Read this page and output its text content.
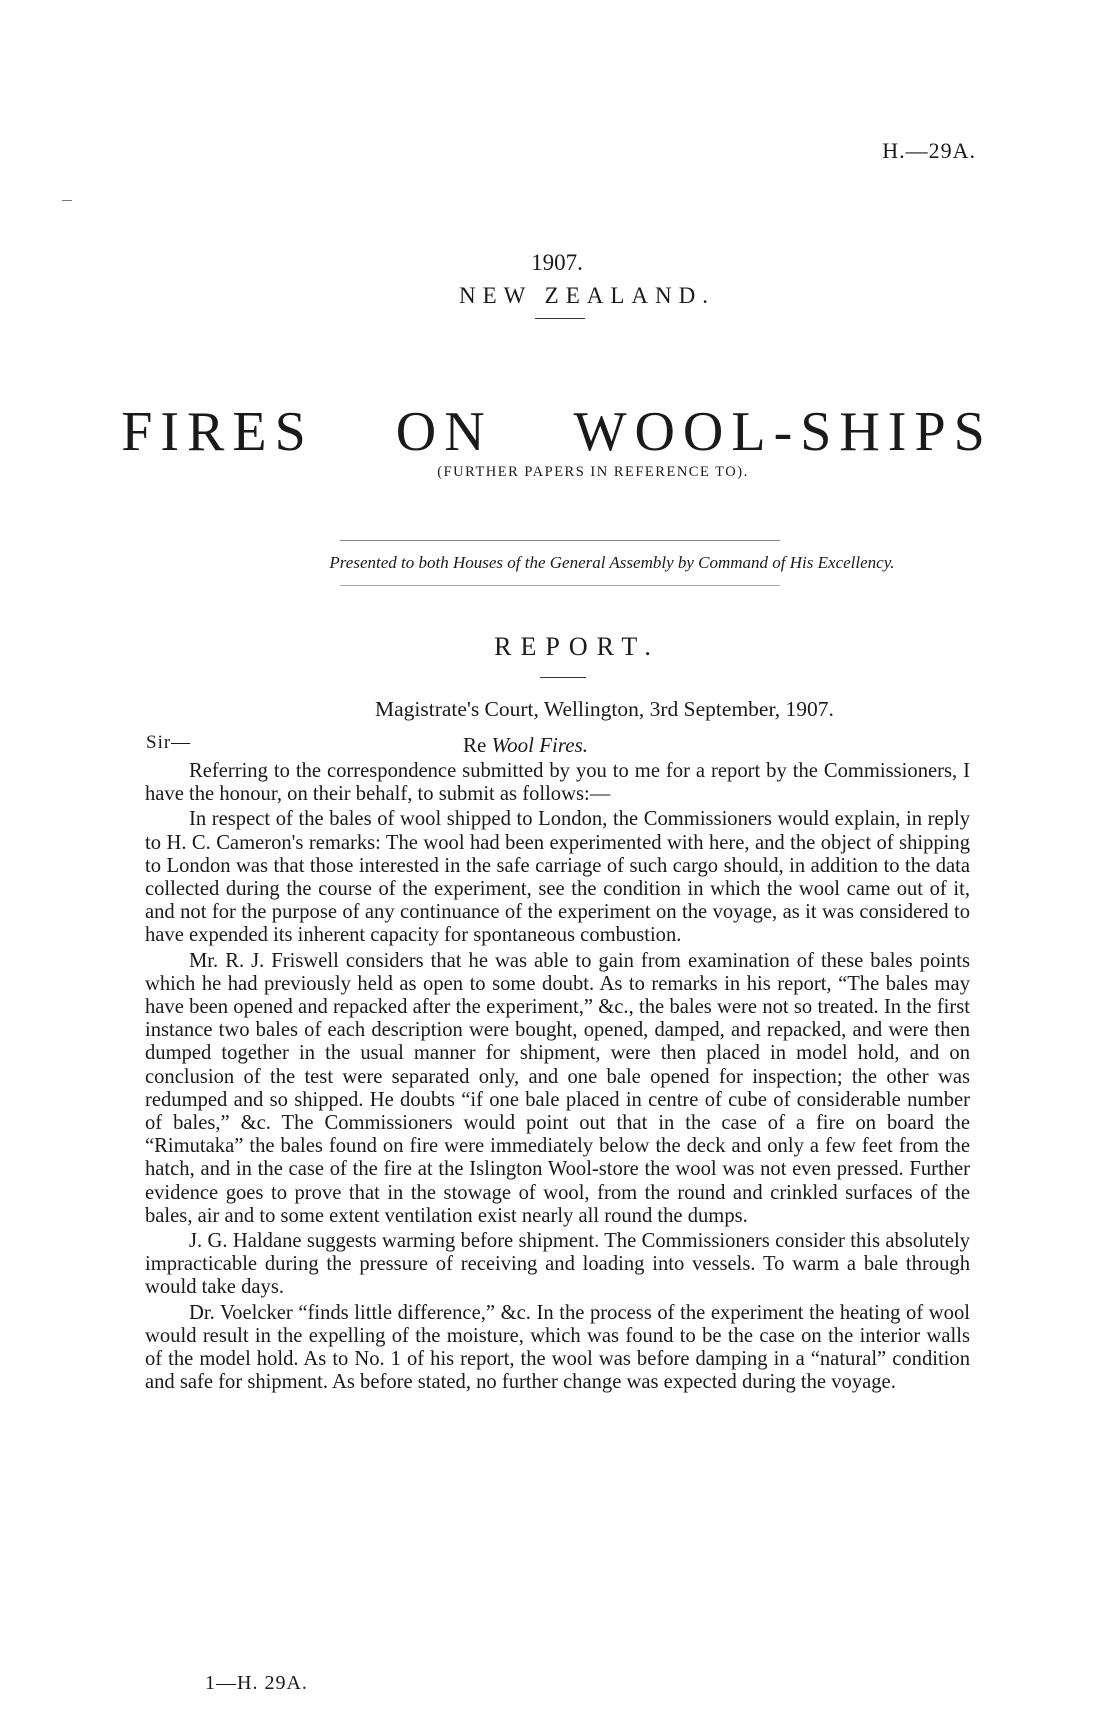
H.—29A.
1907.
NEW ZEALAND.
FIRES ON WOOL-SHIPS
(FURTHER PAPERS IN REFERENCE TO).
Presented to both Houses of the General Assembly by Command of His Excellency.
REPORT.
Magistrate's Court, Wellington, 3rd September, 1907.
Sir—	Re Wool Fires.

Referring to the correspondence submitted by you to me for a report by the Commissioners, I have the honour, on their behalf, to submit as follows:—

In respect of the bales of wool shipped to London, the Commissioners would explain, in reply to H. C. Cameron's remarks: The wool had been experimented with here, and the object of shipping to London was that those interested in the safe carriage of such cargo should, in addition to the data collected during the course of the experiment, see the condition in which the wool came out of it, and not for the purpose of any continuance of the experiment on the voyage, as it was considered to have expended its inherent capacity for spontaneous combustion.

Mr. R. J. Friswell considers that he was able to gain from examination of these bales points which he had previously held as open to some doubt. As to remarks in his report, “The bales may have been opened and repacked after the experiment,” &c., the bales were not so treated. In the first instance two bales of each description were bought, opened, damped, and repacked, and were then dumped together in the usual manner for shipment, were then placed in model hold, and on conclusion of the test were separated only, and one bale opened for inspection; the other was redumped and so shipped. He doubts “if one bale placed in centre of cube of considerable number of bales,” &c. The Commissioners would point out that in the case of a fire on board the “Rimutaka” the bales found on fire were immediately below the deck and only a few feet from the hatch, and in the case of the fire at the Islington Wool-store the wool was not even pressed. Further evidence goes to prove that in the stowage of wool, from the round and crinkled surfaces of the bales, air and to some extent ventilation exist nearly all round the dumps.

J. G. Haldane suggests warming before shipment. The Commissioners consider this absolutely impracticable during the pressure of receiving and loading into vessels. To warm a bale through would take days.

Dr. Voelcker “finds little difference,” &c. In the process of the experiment the heating of wool would result in the expelling of the moisture, which was found to be the case on the interior walls of the model hold. As to No. 1 of his report, the wool was before damping in a “natural” condition and safe for shipment. As before stated, no further change was expected during the voyage.

1—H. 29A.
